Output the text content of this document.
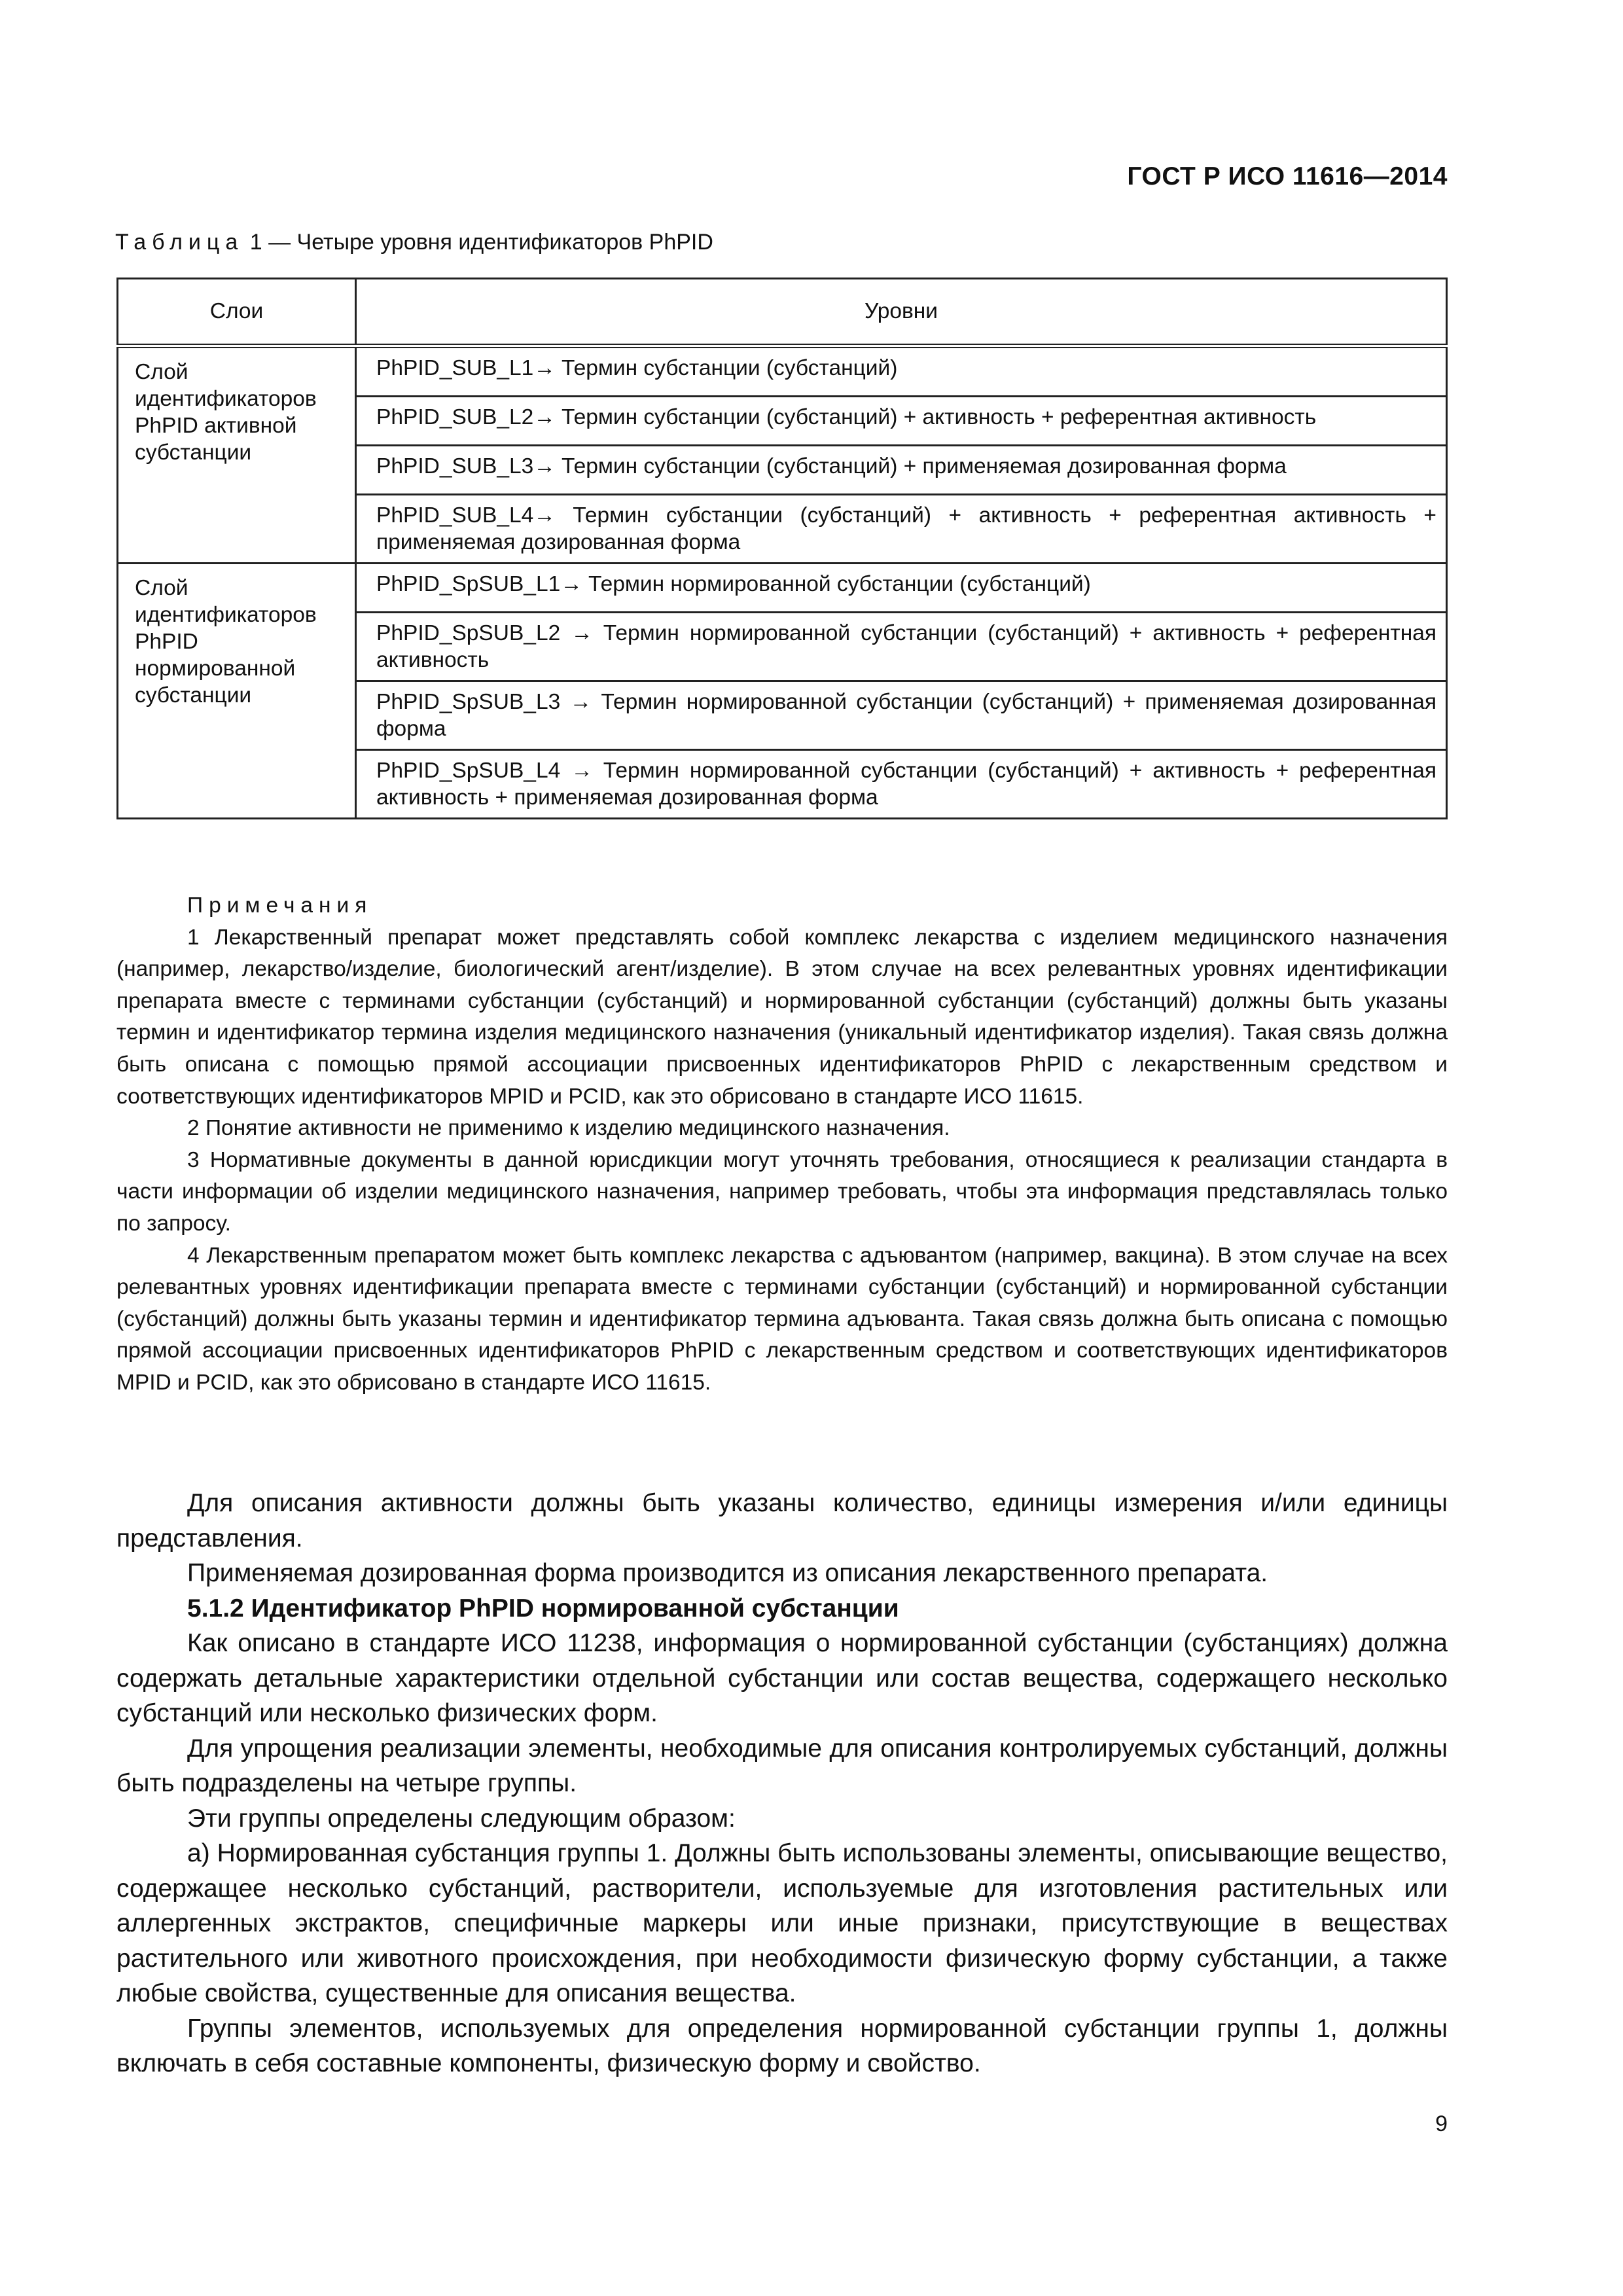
ГОСТ Р ИСО 11616—2014
Таблица 1 — Четыре уровня идентификаторов PhPID
Слои	Уровни
Слой идентификаторов PhPID активной субстанции	PhPID_SUB_L1→ Термин субстанции (субстанций)
	PhPID_SUB_L2→ Термин субстанции (субстанций) + активность + референтная активность
	PhPID_SUB_L3→ Термин субстанции (субстанций) + применяемая дозированная форма
	PhPID_SUB_L4→ Термин субстанции (субстанций) + активность + референтная активность + применяемая дозированная форма
Слой идентификаторов PhPID нормированной субстанции	PhPID_SpSUB_L1→ Термин нормированной субстанции (субстанций)
	PhPID_SpSUB_L2 → Термин нормированной субстанции (субстанций) + активность + референтная активность
	PhPID_SpSUB_L3 → Термин нормированной субстанции (субстанций) + применяемая дозированная форма
	PhPID_SpSUB_L4 → Термин нормированной субстанции (субстанций) + активность + референтная активность + применяемая дозированная форма
Примечания

1 Лекарственный препарат может представлять собой комплекс лекарства с изделием медицинского назначения (например, лекарство/изделие, биологический агент/изделие). В этом случае на всех релевантных уровнях идентификации препарата вместе с терминами субстанции (субстанций) и нормированной субстанции (субстанций) должны быть указаны термин и идентификатор термина изделия медицинского назначения (уникальный идентификатор изделия). Такая связь должна быть описана с помощью прямой ассоциации присвоенных идентификаторов PhPID с лекарственным средством и соответствующих идентификаторов MPID и PCID, как это обрисовано в стандарте ИСО 11615.

2 Понятие активности не применимо к изделию медицинского назначения.

3 Нормативные документы в данной юрисдикции могут уточнять требования, относящиеся к реализации стандарта в части информации об изделии медицинского назначения, например требовать, чтобы эта информация представлялась только по запросу.

4 Лекарственным препаратом может быть комплекс лекарства с адъювантом (например, вакцина). В этом случае на всех релевантных уровнях идентификации препарата вместе с терминами субстанции (субстанций) и нормированной субстанции (субстанций) должны быть указаны термин и идентификатор термина адъюванта. Такая связь должна быть описана с помощью прямой ассоциации присвоенных идентификаторов PhPID с лекарственным средством и соответствующих идентификаторов MPID и PCID, как это обрисовано в стандарте ИСО 11615.

Для описания активности должны быть указаны количество, единицы измерения и/или единицы представления.

Применяемая дозированная форма производится из описания лекарственного препарата.

5.1.2 Идентификатор PhPID нормированной субстанции

Как описано в стандарте ИСО 11238, информация о нормированной субстанции (субстанциях) должна содержать детальные характеристики отдельной субстанции или состав вещества, содержащего несколько субстанций или несколько физических форм.

Для упрощения реализации элементы, необходимые для описания контролируемых субстанций, должны быть подразделены на четыре группы.

Эти группы определены следующим образом:

а) Нормированная субстанция группы 1. Должны быть использованы элементы, описывающие вещество, содержащее несколько субстанций, растворители, используемые для изготовления растительных или аллергенных экстрактов, специфичные маркеры или иные признаки, присутствующие в веществах растительного или животного происхождения, при необходимости физическую форму субстанции, а также любые свойства, существенные для описания вещества.

Группы элементов, используемых для определения нормированной субстанции группы 1, должны включать в себя составные компоненты, физическую форму и свойство.

9
